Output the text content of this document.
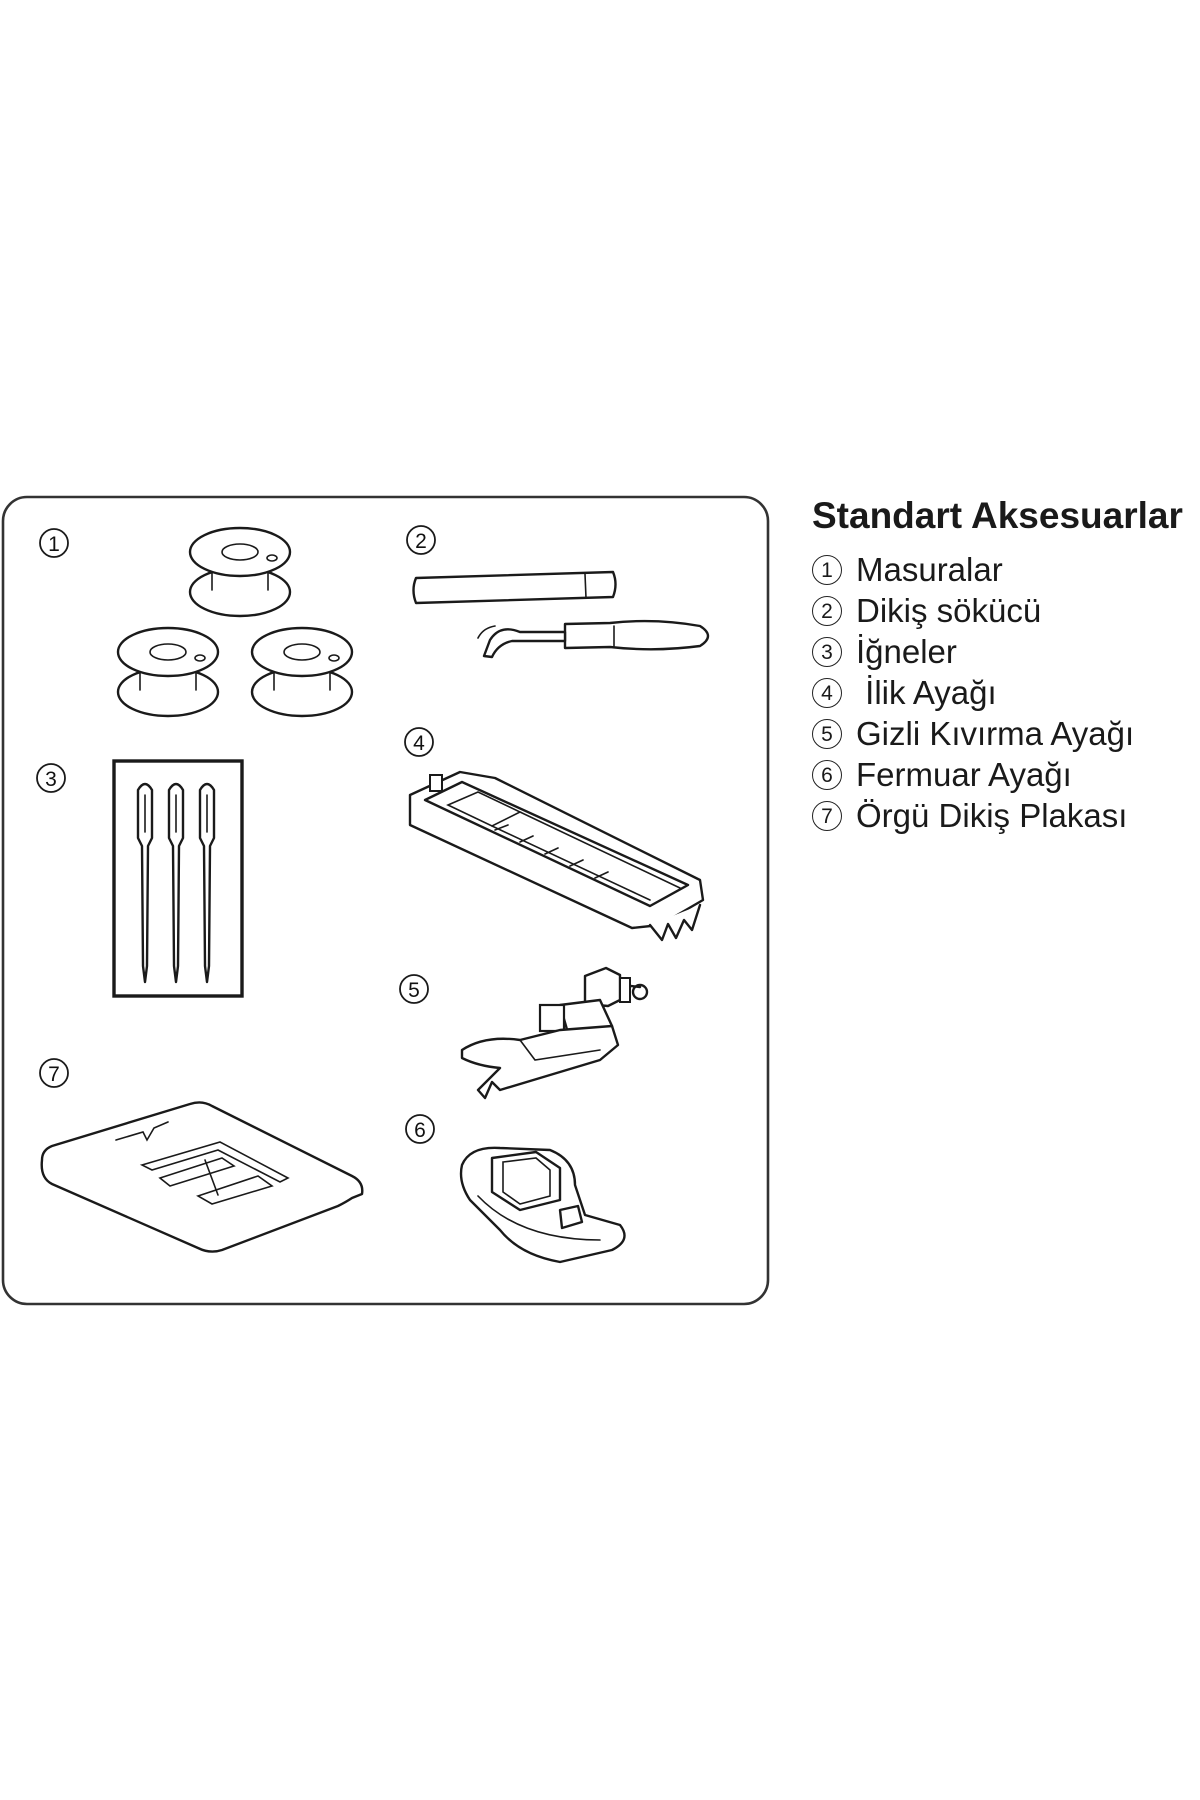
1	2
3
4
5
6
7
Standart Aksesuarlar
1 Masuralar
2 Dikiş sökücü
3 İğneler
4 İlik Ayağı
5 Gizli Kıvırma Ayağı
6 Fermuar Ayağı
7 Örgü Dikiş Plakası
